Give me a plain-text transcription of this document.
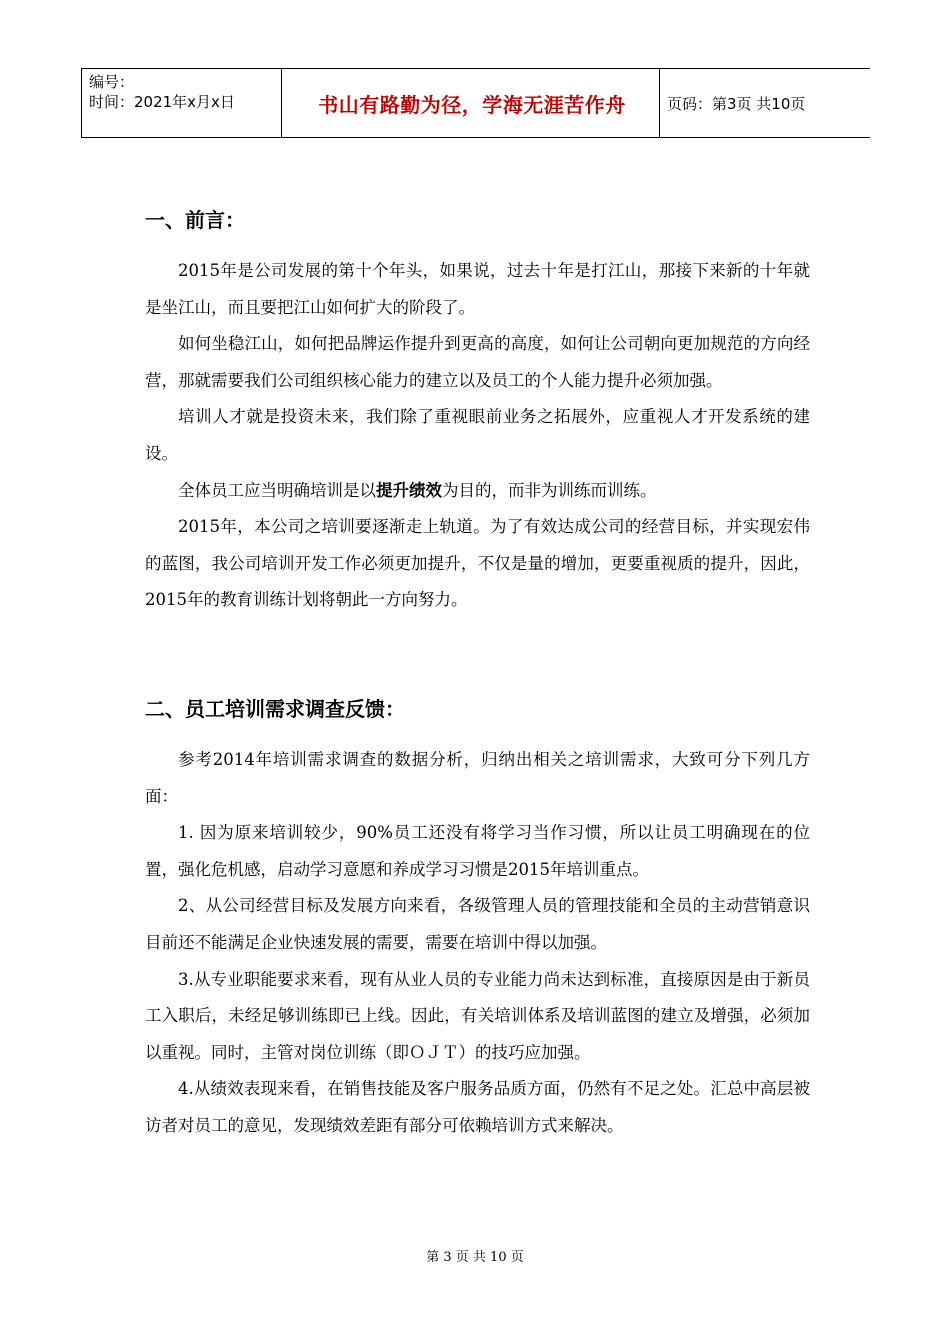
编号：
时间：2021年x月x日	书山有路勤为径，学海无涯苦作舟	页码：第3页 共10页
一、前言：

2015年是公司发展的第十个年头，如果说，过去十年是打江山，那接下来新的十年就是坐江山，而且要把江山如何扩大的阶段了。

如何坐稳江山，如何把品牌运作提升到更高的高度，如何让公司朝向更加规范的方向经营，那就需要我们公司组织核心能力的建立以及员工的个人能力提升必须加强。

培训人才就是投资未来，我们除了重视眼前业务之拓展外，应重视人才开发系统的建设。

全体员工应当明确培训是以提升绩效为目的，而非为训练而训练。

2015年，本公司之培训要逐渐走上轨道。为了有效达成公司的经营目标，并实现宏伟的蓝图，我公司培训开发工作必须更加提升，不仅是量的增加，更要重视质的提升，因此，2015年的教育训练计划将朝此一方向努力。

二、员工培训需求调查反馈：

参考2014年培训需求调查的数据分析，归纳出相关之培训需求，大致可分下列几方面：

1. 因为原来培训较少，90%员工还没有将学习当作习惯，所以让员工明确现在的位置，强化危机感，启动学习意愿和养成学习习惯是2015年培训重点。

2、从公司经营目标及发展方向来看，各级管理人员的管理技能和全员的主动营销意识目前还不能满足企业快速发展的需要，需要在培训中得以加强。

3.从专业职能要求来看，现有从业人员的专业能力尚未达到标准，直接原因是由于新员工入职后，未经足够训练即已上线。因此，有关培训体系及培训蓝图的建立及增强，必须加以重视。同时，主管对岗位训练（即ＯＪＴ）的技巧应加强。

4.从绩效表现来看，在销售技能及客户服务品质方面，仍然有不足之处。汇总中高层被访者对员工的意见，发现绩效差距有部分可依赖培训方式来解决。

第 3 页 共 10 页
